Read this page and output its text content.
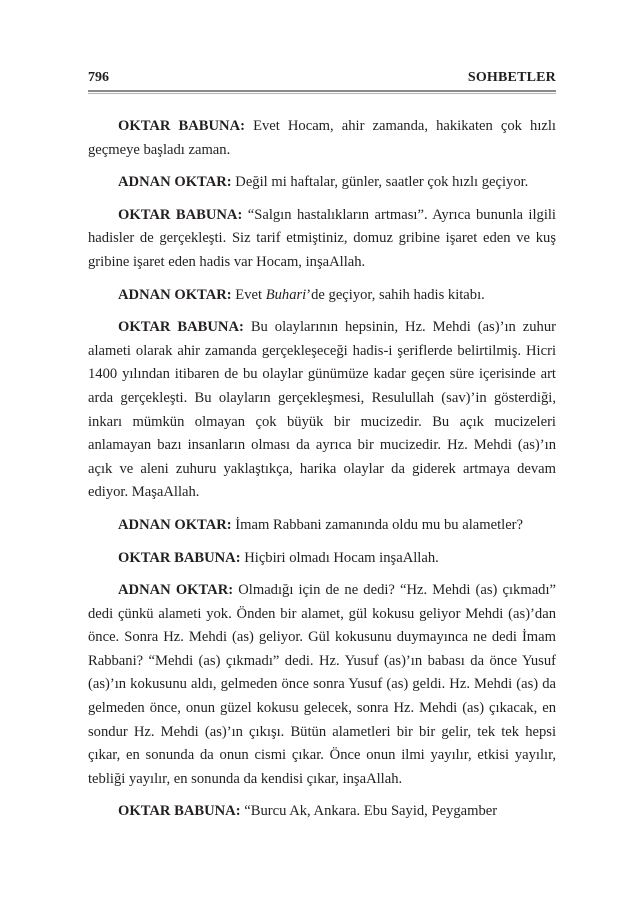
796	SOHBETLER

OKTAR BABUNA: Evet Hocam, ahir zamanda, hakikaten çok hızlı geçmeye başladı zaman.

ADNAN OKTAR: Değil mi haftalar, günler, saatler çok hızlı geçiyor.

OKTAR BABUNA: “Salgın hastalıkların artması”. Ayrıca bununla ilgili hadisler de gerçekleşti. Siz tarif etmiştiniz, domuz gribine işaret eden ve kuş gribine işaret eden hadis var Hocam, inşaAllah.

ADNAN OKTAR: Evet Buhari’de geçiyor, sahih hadis kitabı.

OKTAR BABUNA: Bu olaylarının hepsinin, Hz. Mehdi (as)’ın zuhur alameti olarak ahir zamanda gerçekleşeceği hadis-i şeriflerde belirtilmiş. Hicri 1400 yılından itibaren de bu olaylar günümüze kadar geçen süre içerisinde art arda gerçekleşti. Bu olayların gerçekleşmesi, Resulullah (sav)’in gösterdiği, inkarı mümkün olmayan çok büyük bir mucizedir. Bu açık mucizeleri anlamayan bazı insanların olması da ayrıca bir mucizedir. Hz. Mehdi (as)’ın açık ve aleni zuhuru yaklaştıkça, harika olaylar da giderek artmaya devam ediyor. MaşaAllah.

ADNAN OKTAR: İmam Rabbani zamanında oldu mu bu alametler?

OKTAR BABUNA: Hiçbiri olmadı Hocam inşaAllah.

ADNAN OKTAR: Olmadığı için de ne dedi? “Hz. Mehdi (as) çıkmadı” dedi çünkü alameti yok. Önden bir alamet, gül kokusu geliyor Mehdi (as)’dan önce. Sonra Hz. Mehdi (as) geliyor. Gül kokusunu duymayınca ne dedi İmam Rabbani? “Mehdi (as) çıkmadı” dedi. Hz. Yusuf (as)’ın babası da önce Yusuf (as)’ın kokusunu aldı, gelmeden önce sonra Yusuf (as) geldi. Hz. Mehdi (as) da gelmeden önce, onun güzel kokusu gelecek, sonra Hz. Mehdi (as) çıkacak, en sondur Hz. Mehdi (as)’ın çıkışı. Bütün alametleri bir bir gelir, tek tek hepsi çıkar, en sonunda da onun cismi çıkar. Önce onun ilmi yayılır, etkisi yayılır, tebliği yayılır, en sonunda da kendisi çıkar, inşaAllah.

OKTAR BABUNA: “Burcu Ak, Ankara. Ebu Sayid, Peygamber
